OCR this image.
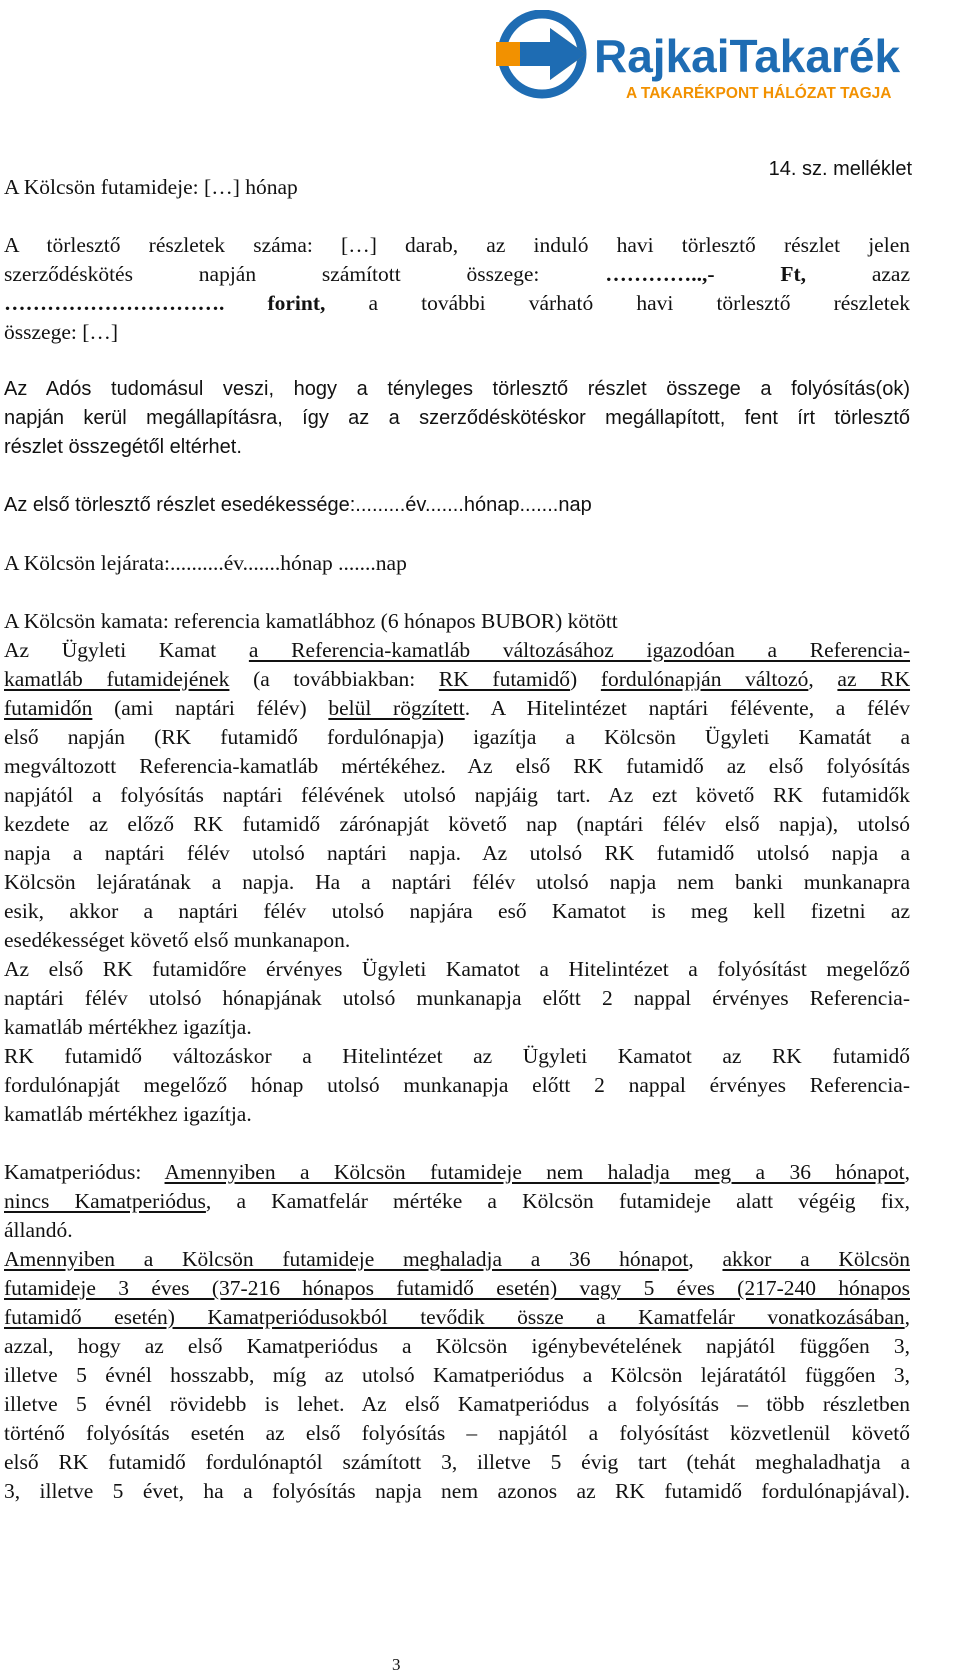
RajkaiTakarék
A TAKARÉKPONT HÁLÓZAT TAGJA
14. sz. melléklet
A Kölcsön futamideje: […] hónap
A törlesztő részletek száma: […] darab, az induló havi törlesztő részlet jelen
szerződéskötés napján számított összege:	…………..,- Ft,	azaz
…………………………. forint, a további várható havi törlesztő részletek
összege: […]
Az Adós tudomásul veszi, hogy a tényleges törlesztő részlet összege a folyósítás(ok)
napján kerül megállapításra, így az a szerződéskötéskor megállapított, fent írt törlesztő
részlet összegétől eltérhet.
Az első törlesztő részlet esedékessége:.........év.......hónap.......nap
A Kölcsön lejárata:..........év.......hónap .......nap
A Kölcsön kamata: referencia kamatlábhoz (6 hónapos BUBOR) kötött
Az Ügyleti Kamat a Referencia-kamatláb változásához igazodóan a Referencia-
kamatláb futamidejének (a továbbiakban: RK futamidő) fordulónapján változó, az RK
futamidőn (ami naptári félév) belül rögzített. A Hitelintézet naptári félévente, a félév
első napján (RK futamidő fordulónapja) igazítja a Kölcsön Ügyleti Kamatát a
megváltozott Referencia-kamatláb mértékéhez. Az első RK futamidő az első folyósítás
napjától a folyósítás naptári félévének utolsó napjáig tart. Az ezt követő RK futamidők
kezdete az előző RK futamidő zárónapját követő nap (naptári félév első napja), utolsó
napja a naptári félév utolsó naptári napja. Az utolsó RK futamidő utolsó napja a
Kölcsön lejáratának a napja. Ha a naptári félév utolsó napja nem banki munkanapra
esik, akkor a naptári félév utolsó napjára eső Kamatot is meg kell fizetni az
esedékességet követő első munkanapon.
Az első RK futamidőre érvényes Ügyleti Kamatot a Hitelintézet a folyósítást megelőző
naptári félév utolsó hónapjának utolsó munkanapja előtt 2 nappal érvényes Referencia-
kamatláb mértékhez igazítja.
RK futamidő változáskor a Hitelintézet az Ügyleti Kamatot az RK futamidő
fordulónapját megelőző hónap utolsó munkanapja előtt 2 nappal érvényes Referencia-
kamatláb mértékhez igazítja.
Kamatperiódus: Amennyiben a Kölcsön futamideje nem haladja meg a 36 hónapot,
nincs Kamatperiódus, a Kamatfelár mértéke a Kölcsön futamideje alatt végéig fix,
állandó.
Amennyiben a Kölcsön futamideje meghaladja a 36 hónapot, akkor a Kölcsön
futamideje 3 éves (37-216 hónapos futamidő esetén) vagy 5 éves (217-240 hónapos
futamidő esetén) Kamatperiódusokból tevődik össze a Kamatfelár vonatkozásában,
azzal, hogy az első Kamatperiódus a Kölcsön igénybevételének napjától függően 3,
illetve 5 évnél hosszabb, míg az utolsó Kamatperiódus a Kölcsön lejáratától függően 3,
illetve 5 évnél rövidebb is lehet. Az első Kamatperiódus a folyósítás – több részletben
történő folyósítás esetén az első folyósítás – napjától a folyósítást közvetlenül követő
első RK futamidő fordulónaptól számított 3, illetve 5 évig tart (tehát meghaladhatja a
3, illetve 5 évet, ha a folyósítás napja nem azonos az RK futamidő fordulónapjával).
3
